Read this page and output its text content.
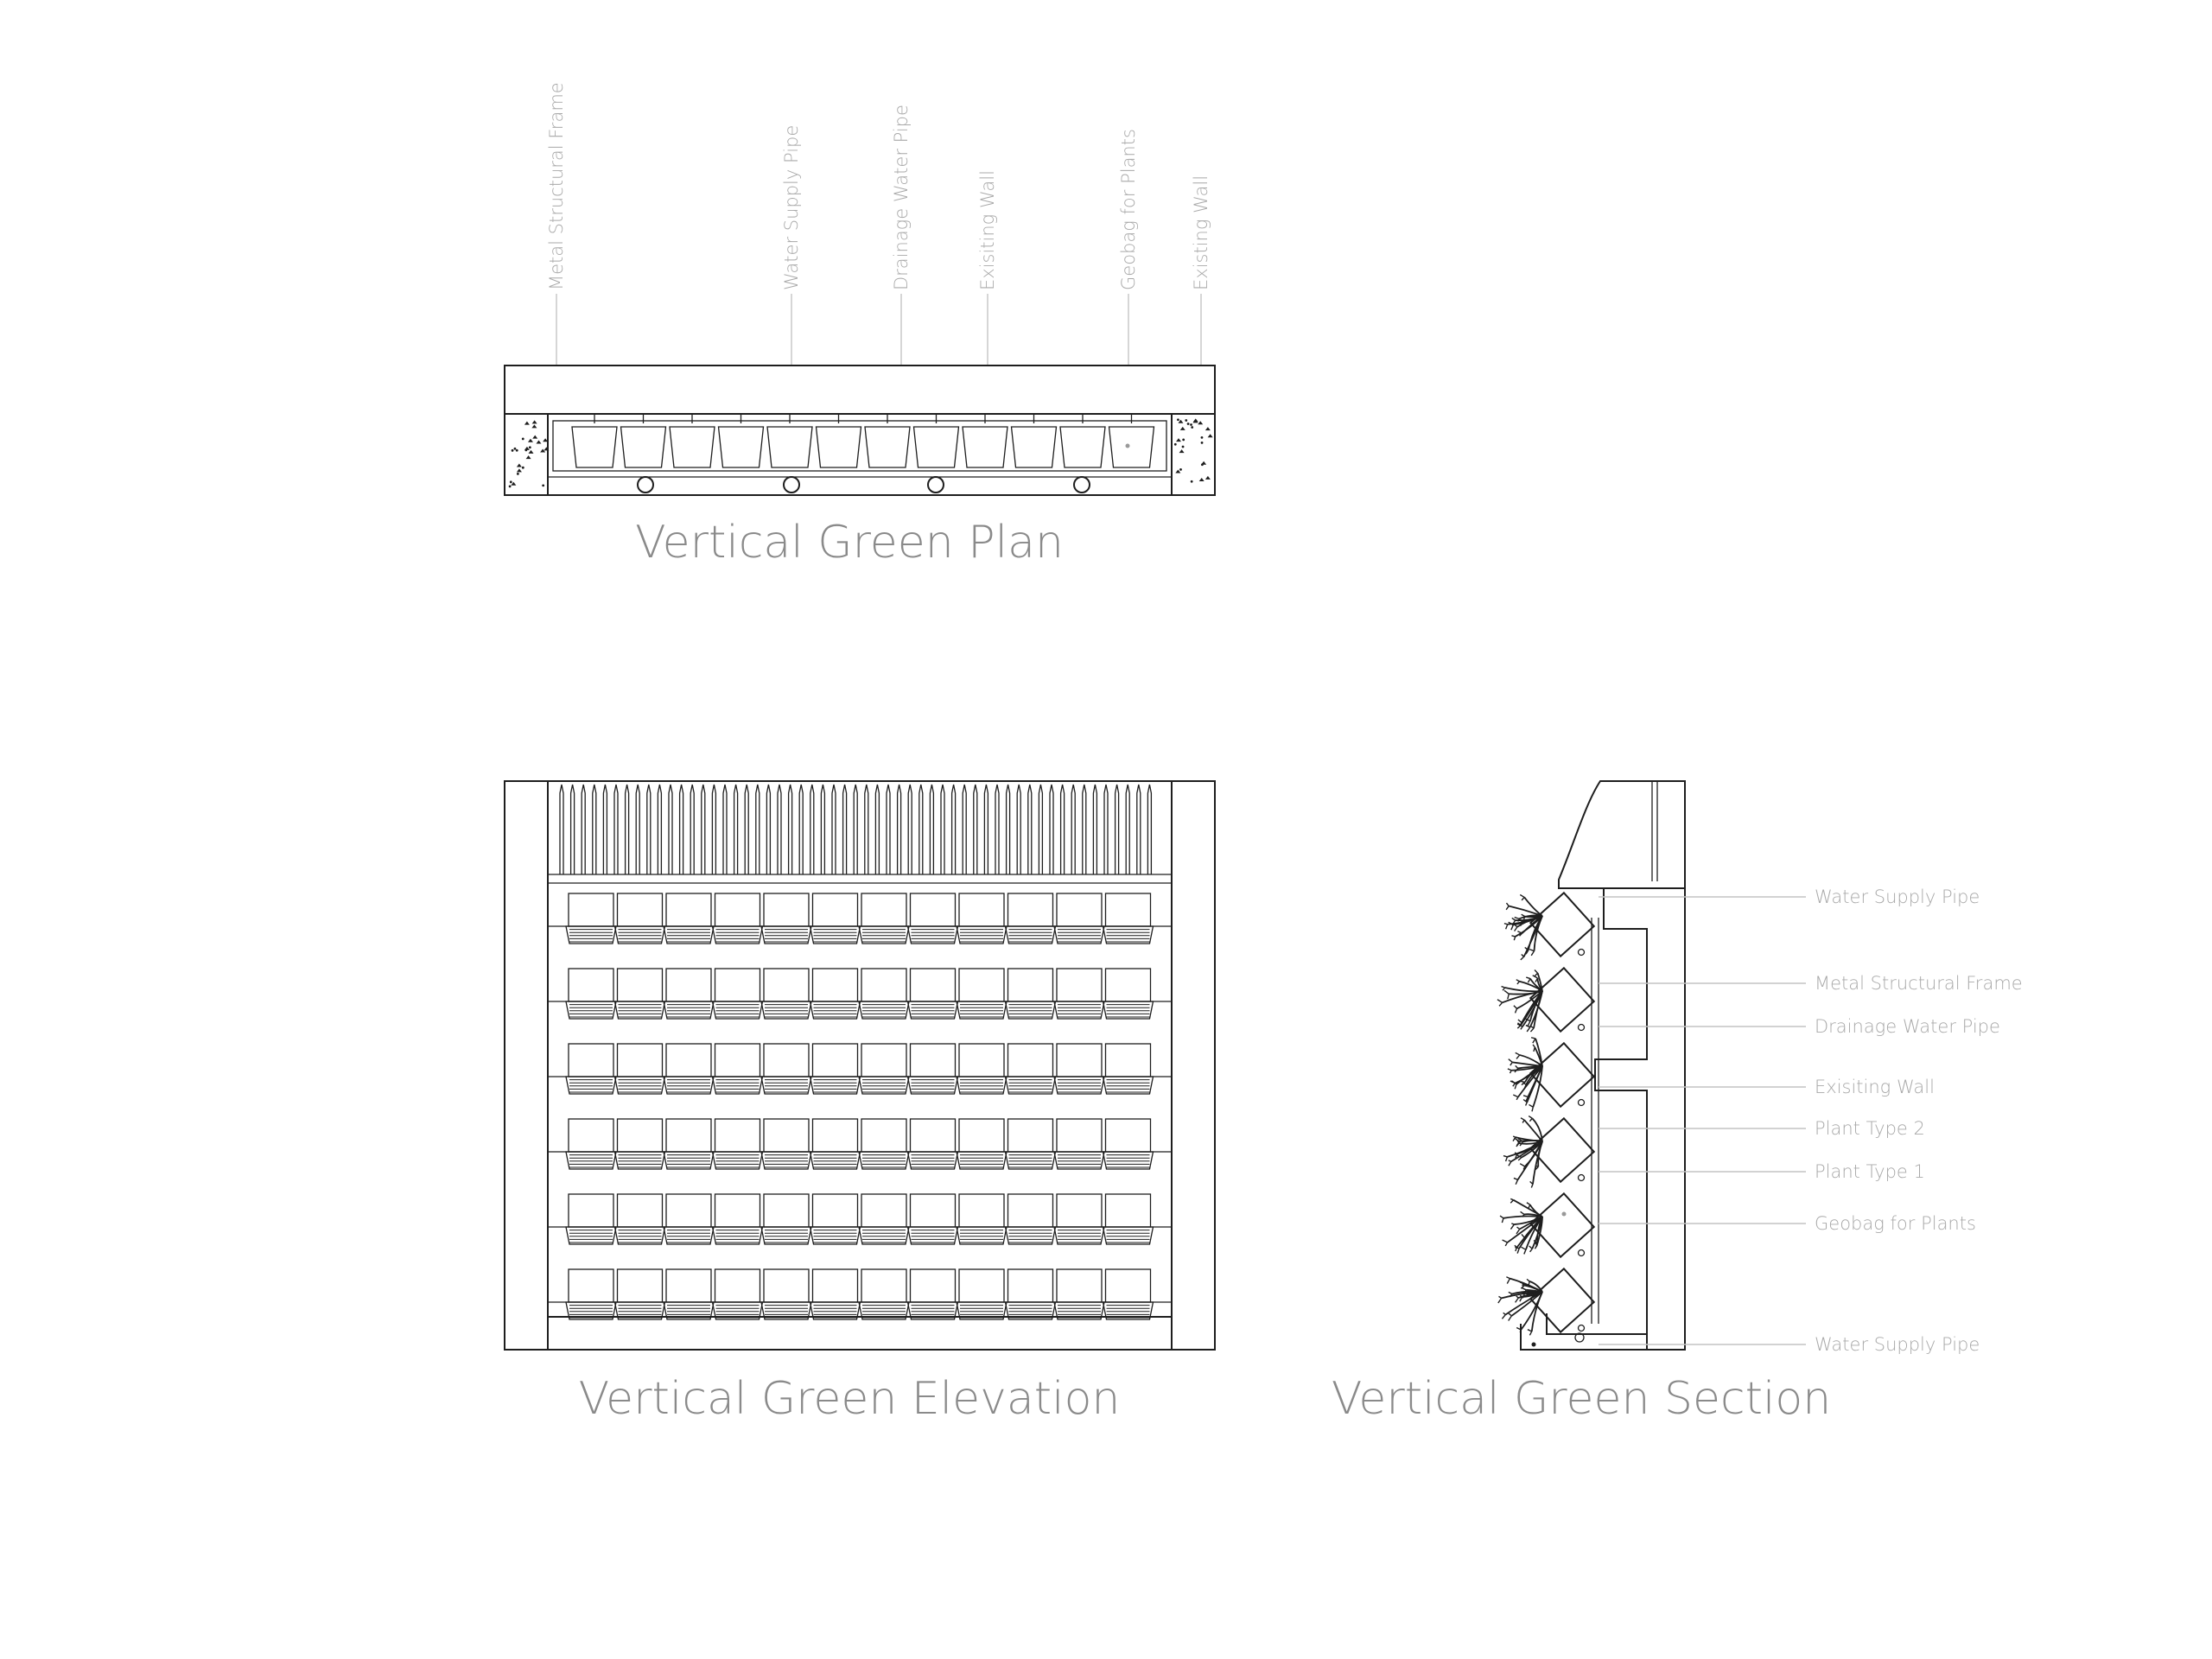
Metal Structural Frame	Water Supply Pipe	Drainage Water Pipe	Exisiting Wall	Geobag for Plants	Existing Wall
Vertical Green Plan
Vertical Green Elevation
Water Supply Pipe
Metal Structural Frame
Drainage Water Pipe
Exisiting Wall
Plant Type 2
Plant Type 1
Geobag for Plants
Water Supply Pipe
Vertical Green Section
